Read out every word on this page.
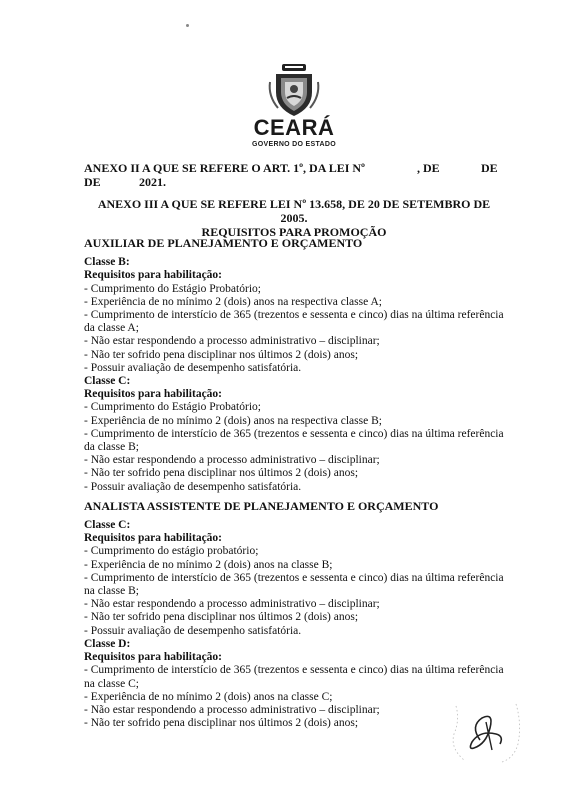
CEARÁ
GOVERNO DO ESTADO
ANEXO II A QUE SE REFERE O ART. 1º, DA LEI Nº	, DE	DE
DE	2021.
ANEXO III A QUE SE REFERE LEI Nº 13.658, DE 20 DE SETEMBRO DE 2005.
REQUISITOS PARA PROMOÇÃO
AUXILIAR DE PLANEJAMENTO E ORÇAMENTO
Classe B:
Requisitos para habilitação:
- Cumprimento do Estágio Probatório;
- Experiência de no mínimo 2 (dois) anos na respectiva classe A;
- Cumprimento de interstício de 365 (trezentos e sessenta e cinco) dias na última referência da classe A;
- Não estar respondendo a processo administrativo – disciplinar;
- Não ter sofrido pena disciplinar nos últimos 2 (dois) anos;
- Possuir avaliação de desempenho satisfatória.
Classe C:
Requisitos para habilitação:
- Cumprimento do Estágio Probatório;
- Experiência de no mínimo 2 (dois) anos na respectiva classe B;
- Cumprimento de interstício de 365 (trezentos e sessenta e cinco) dias na última referência da classe B;
- Não estar respondendo a processo administrativo – disciplinar;
- Não ter sofrido pena disciplinar nos últimos 2 (dois) anos;
- Possuir avaliação de desempenho satisfatória.
ANALISTA ASSISTENTE DE PLANEJAMENTO E ORÇAMENTO
Classe C:
Requisitos para habilitação:
- Cumprimento do estágio probatório;
- Experiência de no mínimo 2 (dois) anos na classe B;
- Cumprimento de interstício de 365 (trezentos e sessenta e cinco) dias na última referência na classe B;
- Não estar respondendo a processo administrativo – disciplinar;
- Não ter sofrido pena disciplinar nos últimos 2 (dois) anos;
- Possuir avaliação de desempenho satisfatória.
Classe D:
Requisitos para habilitação:
- Cumprimento de interstício de 365 (trezentos e sessenta e cinco) dias na última referência na classe C;
- Experiência de no mínimo 2 (dois) anos na classe C;
- Não estar respondendo a processo administrativo – disciplinar;
- Não ter sofrido pena disciplinar nos últimos 2 (dois) anos;
